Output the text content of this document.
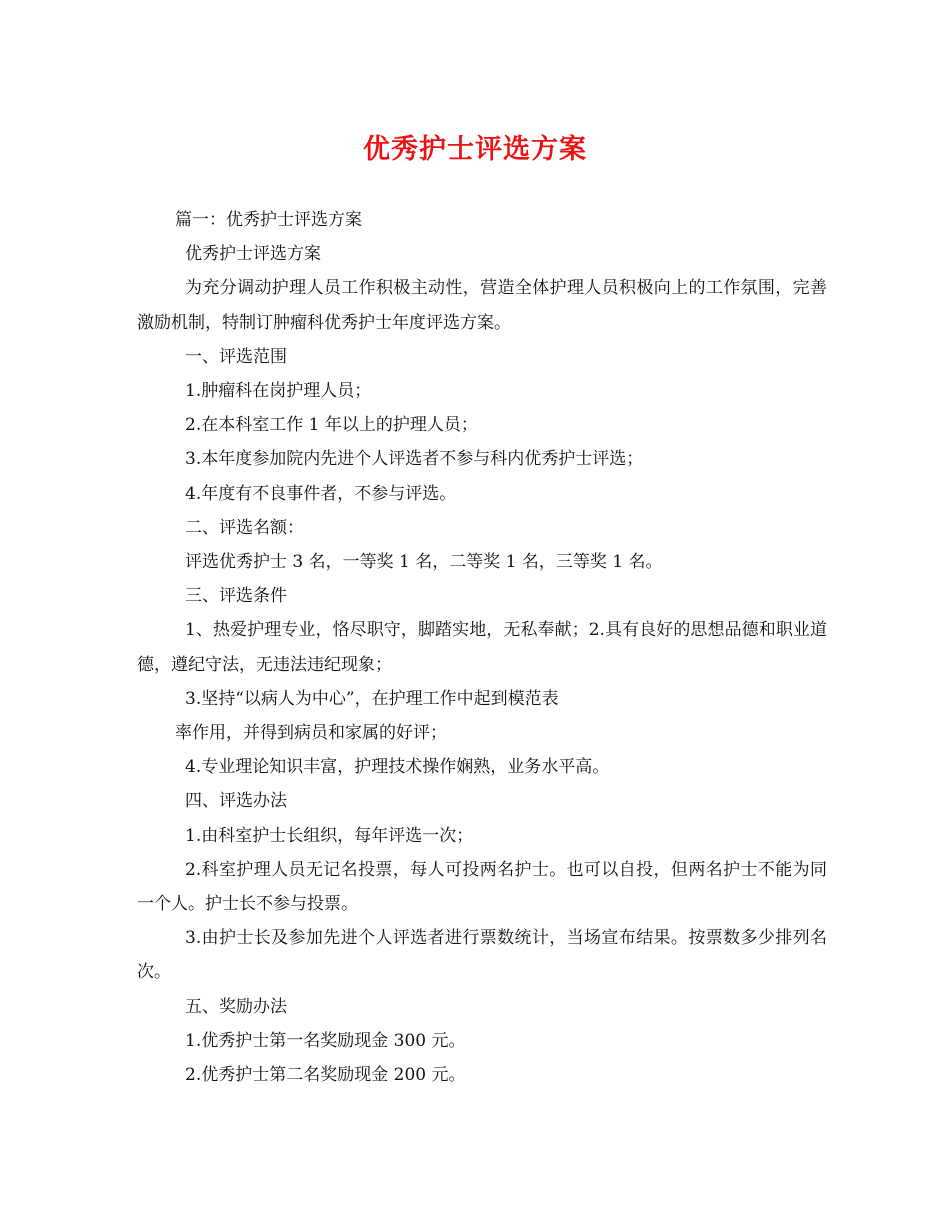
优秀护士评选方案

篇一：优秀护士评选方案

优秀护士评选方案

为充分调动护理人员工作积极主动性，营造全体护理人员积极向上的工作氛围，完善激励机制，特制订肿瘤科优秀护士年度评选方案。

一、评选范围

1.肿瘤科在岗护理人员；

2.在本科室工作 1 年以上的护理人员；

3.本年度参加院内先进个人评选者不参与科内优秀护士评选；

4.年度有不良事件者，不参与评选。

二、评选名额：

评选优秀护士 3 名，一等奖 1 名，二等奖 1 名，三等奖 1 名。

三、评选条件

1、热爱护理专业，恪尽职守，脚踏实地，无私奉献；2.具有良好的思想品德和职业道德，遵纪守法，无违法违纪现象；

3.坚持“以病人为中心”，在护理工作中起到模范表

率作用，并得到病员和家属的好评；

4.专业理论知识丰富，护理技术操作娴熟，业务水平高。

四、评选办法

1.由科室护士长组织，每年评选一次；

2.科室护理人员无记名投票，每人可投两名护士。也可以自投，但两名护士不能为同一个人。护士长不参与投票。

3.由护士长及参加先进个人评选者进行票数统计，当场宣布结果。按票数多少排列名次。

五、奖励办法

1.优秀护士第一名奖励现金 300 元。

2.优秀护士第二名奖励现金 200 元。
